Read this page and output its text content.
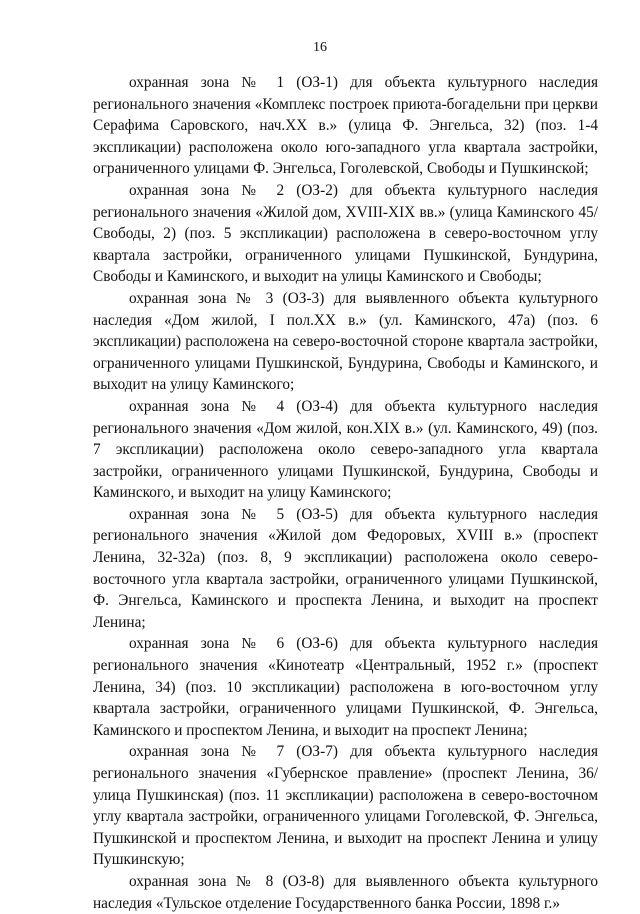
16

охранная зона № 1 (ОЗ-1) для объекта культурного наследия регионального значения «Комплекс построек приюта-богадельни при церкви Серафима Саровского, нач.XX в.» (улица Ф. Энгельса, 32) (поз. 1-4 экспликации) расположена около юго-западного угла квартала застройки, ограниченного улицами Ф. Энгельса, Гоголевской, Свободы и Пушкинской;

охранная зона № 2 (ОЗ-2) для объекта культурного наследия регионального значения «Жилой дом, XVIII-XIX вв.» (улица Каминского 45/ Свободы, 2) (поз. 5 экспликации) расположена в северо-восточном углу квартала застройки, ограниченного улицами Пушкинской, Бундурина, Свободы и Каминского, и выходит на улицы Каминского и Свободы;

охранная зона № 3 (ОЗ-3) для выявленного объекта культурного наследия «Дом жилой, I пол.XX в.» (ул. Каминского, 47а) (поз. 6 экспликации) расположена на северо-восточной стороне квартала застройки, ограниченного улицами Пушкинской, Бундурина, Свободы и Каминского, и выходит на улицу Каминского;

охранная зона № 4 (ОЗ-4) для объекта культурного наследия регионального значения «Дом жилой, кон.XIX в.» (ул. Каминского, 49) (поз. 7 экспликации) расположена около северо-западного угла квартала застройки, ограниченного улицами Пушкинской, Бундурина, Свободы и Каминского, и выходит на улицу Каминского;

охранная зона № 5 (ОЗ-5) для объекта культурного наследия регионального значения «Жилой дом Федоровых, XVIII в.» (проспект Ленина, 32-32а) (поз. 8, 9 экспликации) расположена около северо-восточного угла квартала застройки, ограниченного улицами Пушкинской, Ф. Энгельса, Каминского и проспекта Ленина, и выходит на проспект Ленина;

охранная зона № 6 (ОЗ-6) для объекта культурного наследия регионального значения «Кинотеатр «Центральный, 1952 г.» (проспект Ленина, 34) (поз. 10 экспликации) расположена в юго-восточном углу квартала застройки, ограниченного улицами Пушкинской, Ф. Энгельса, Каминского и проспектом Ленина, и выходит на проспект Ленина;

охранная зона № 7 (ОЗ-7) для объекта культурного наследия регионального значения «Губернское правление» (проспект Ленина, 36/улица Пушкинская) (поз. 11 экспликации) расположена в северо-восточном углу квартала застройки, ограниченного улицами Гоголевской, Ф. Энгельса, Пушкинской и проспектом Ленина, и выходит на проспект Ленина и улицу Пушкинскую;

охранная зона № 8 (ОЗ-8) для выявленного объекта культурного наследия «Тульское отделение Государственного банка России, 1898 г.»
